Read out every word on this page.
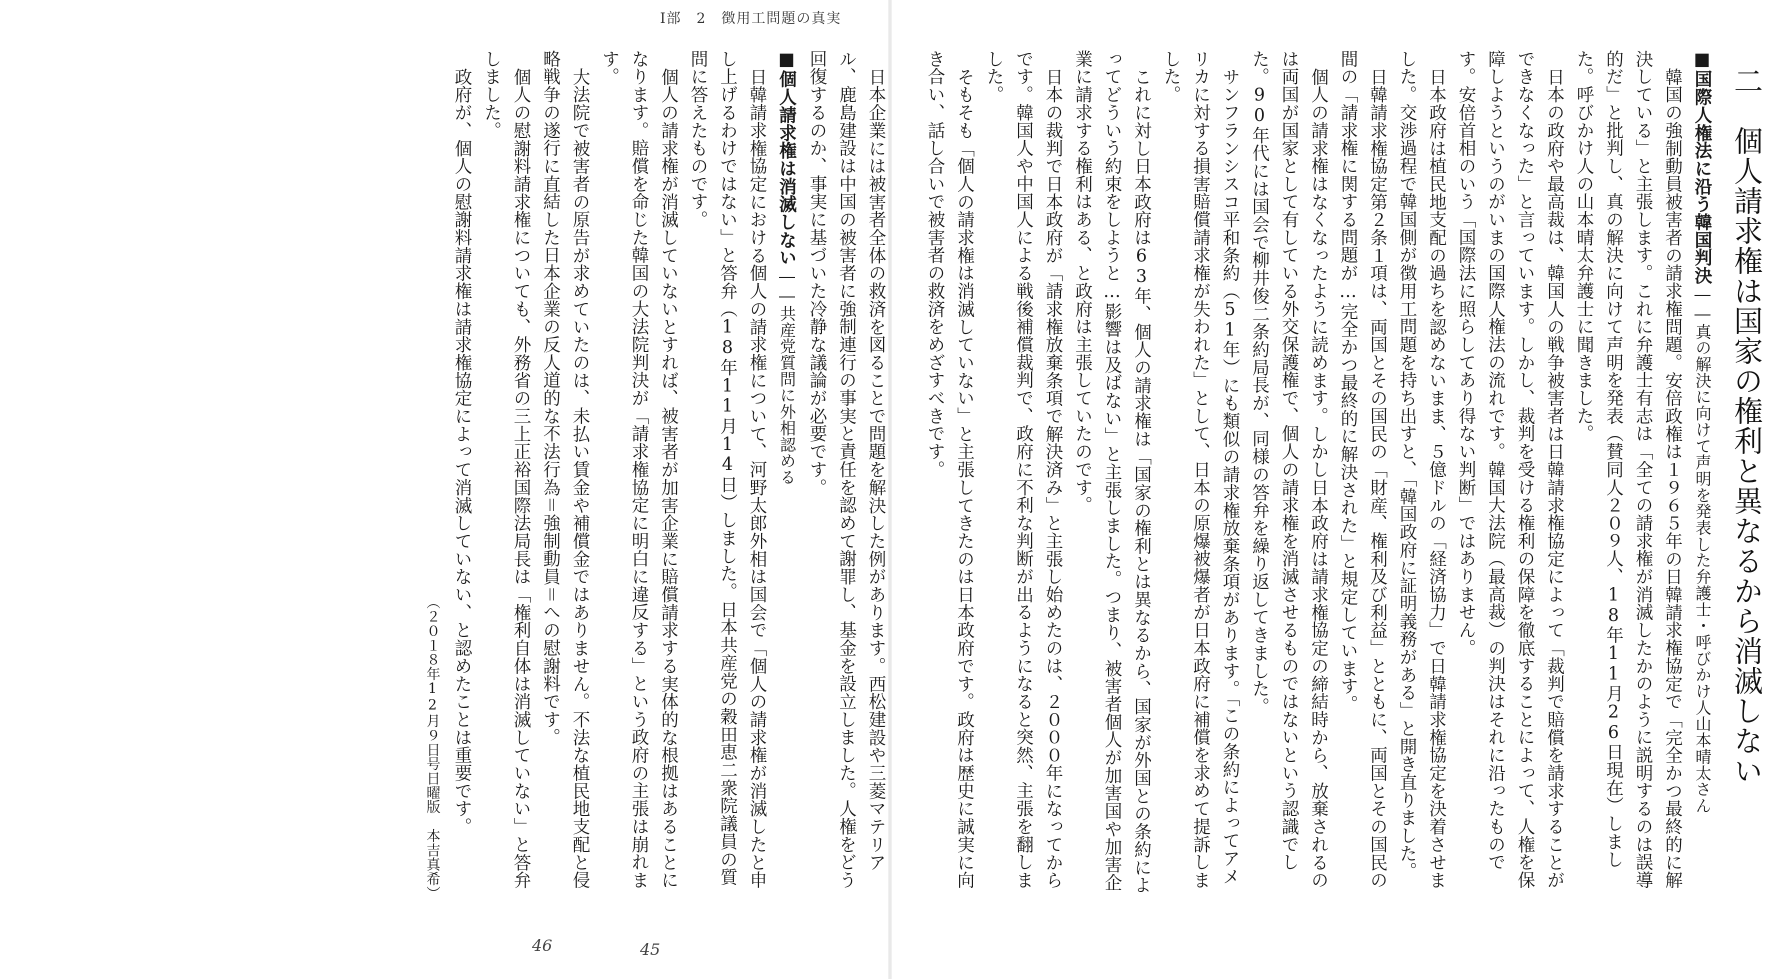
日本企業には被害者全体の救済を図ることで問題を解決した例があります。西松建設や三菱マテリアル、鹿島建設は中国の被害者に強制連行の事実と責任を認めて謝罪し、基金を設立しました。人権をどう回復するのか、事実に基づいた冷静な議論が必要です。

■個人請求権は消滅しない――共産党質問に外相認める

日韓請求権協定における個人の請求権について、河野太郎外相は国会で「個人の請求権が消滅したと申し上げるわけではない」と答弁（18年11月14日）しました。日本共産党の穀田恵二衆院議員の質問に答えたものです。

個人の請求権が消滅していないとすれば、被害者が加害企業に賠償請求する実体的な根拠はあることになります。賠償を命じた韓国の大法院判決が「請求権協定に明白に違反する」という政府の主張は崩れます。

大法院で被害者の原告が求めていたのは、未払い賃金や補償金ではありません。不法な植民地支配と侵略戦争の遂行に直結した日本企業の反人道的な不法行為＝強制動員＝への慰謝料です。

個人の慰謝料請求権についても、外務省の三上正裕国際法局長は「権利自体は消滅していない」と答弁しました。

政府が、個人の慰謝料請求権は請求権協定によって消滅していない、と認めたことは重要です。

（２０１８年12月９日号日曜版　本吉真希）

46
Ⅰ部　2　徴用工問題の真実
二　個人請求権は国家の権利と異なるから消滅しない

■国際人権法に沿う韓国判決――真の解決に向けて声明を発表した弁護士・呼びかけ人山本晴太さん

韓国の強制動員被害者の請求権問題。安倍政権は１９６５年の日韓請求権協定で「完全かつ最終的に解決している」と主張します。これに弁護士有志は「全ての請求権が消滅したかのように説明するのは誤導的だ」と批判し、真の解決に向けて声明を発表（賛同人２０９人、18年11月26日現在）しました。呼びかけ人の山本晴太弁護士に聞きました。

日本の政府や最高裁は、韓国人の戦争被害者は日韓請求権協定によって「裁判で賠償を請求することができなくなった」と言っています。しかし、裁判を受ける権利の保障を徹底することによって、人権を保障しようというのがいまの国際人権法の流れです。韓国大法院（最高裁）の判決はそれに沿ったものです。安倍首相のいう「国際法に照らしてあり得ない判断」ではありません。

日本政府は植民地支配の過ちを認めないまま、５億ドルの「経済協力」で日韓請求権協定を決着させました。交渉過程で韓国側が徴用工問題を持ち出すと、「韓国政府に証明義務がある」と開き直りました。

日韓請求権協定第２条１項は、両国とその国民の「財産、権利及び利益」とともに、両国とその国民の間の「請求権に関する問題が…完全かつ最終的に解決された」と規定しています。

個人の請求権はなくなったように読めます。しかし日本政府は請求権協定の締結時から、放棄されるのは両国が国家として有している外交保護権で、個人の請求権を消滅させるものではないという認識でした。90年代には国会で柳井俊二条約局長が、同様の答弁を繰り返してきました。

サンフランシスコ平和条約（51年）にも類似の請求権放棄条項があります。「この条約によってアメリカに対する損害賠償請求権が失われた」として、日本の原爆被爆者が日本政府に補償を求めて提訴しました。

これに対し日本政府は63年、個人の請求権は「国家の権利とは異なるから、国家が外国との条約によってどういう約束をしようと…影響は及ばない」と主張しました。つまり、被害者個人が加害国や加害企業に請求する権利はある、と政府は主張していたのです。

日本の裁判で日本政府が「請求権放棄条項で解決済み」と主張し始めたのは、２０００年になってからです。韓国人や中国人による戦後補償裁判で、政府に不利な判断が出るようになると突然、主張を翻しました。

そもそも「個人の請求権は消滅していない」と主張してきたのは日本政府です。政府は歴史に誠実に向き合い、話し合いで被害者の救済をめざすべきです。

45
